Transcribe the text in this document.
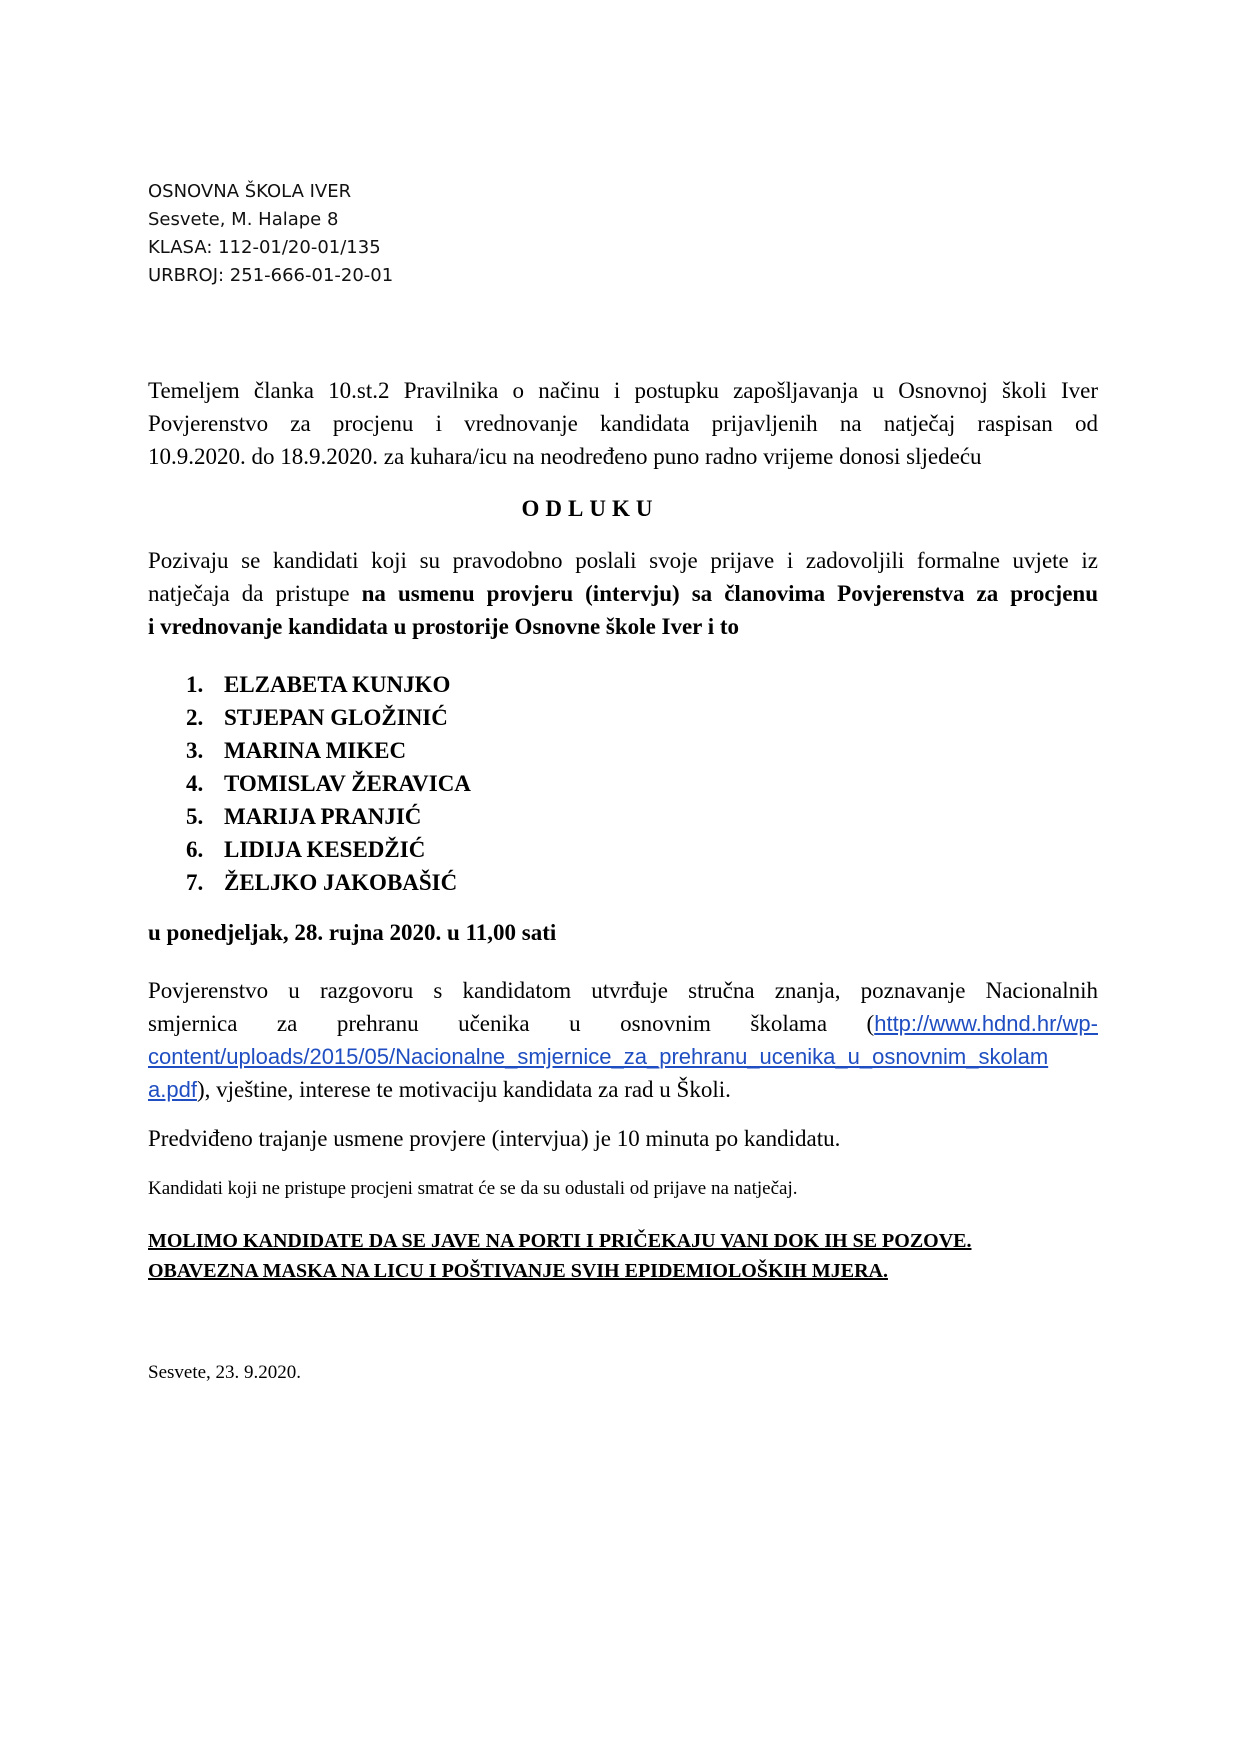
OSNOVNA ŠKOLA IVER
Sesvete, M. Halape 8
KLASA: 112-01/20-01/135
URBROJ: 251-666-01-20-01
Temeljem članka 10.st.2 Pravilnika o načinu i postupku zapošljavanja u Osnovnoj školi Iver
Povjerenstvo za procjenu i vrednovanje kandidata prijavljenih na natječaj raspisan od
10.9.2020. do 18.9.2020. za kuhara/icu na neodređeno puno radno vrijeme donosi sljedeću
ODLUKU
Pozivaju se kandidati koji su pravodobno poslali svoje prijave i zadovoljili formalne uvjete iz
natječaja da pristupe na usmenu provjeru (intervju) sa članovima Povjerenstva za procjenu
i vrednovanje kandidata u prostorije Osnovne škole Iver i to
1. ELZABETA KUNJKO
2. STJEPAN GLOŽINIĆ
3. MARINA MIKEC
4. TOMISLAV ŽERAVICA
5. MARIJA PRANJIĆ
6. LIDIJA KESEDŽIĆ
7. ŽELJKO JAKOBAŠIĆ
u ponedjeljak, 28. rujna 2020. u 11,00 sati
Povjerenstvo u razgovoru s kandidatom utvrđuje stručna znanja, poznavanje Nacionalnih
smjernica za prehranu učenika u osnovnim školama (http://www.hdnd.hr/wp-
content/uploads/2015/05/Nacionalne_smjernice_za_prehranu_ucenika_u_osnovnim_skolam
a.pdf), vještine, interese te motivaciju kandidata za rad u Školi.
Predviđeno trajanje usmene provjere (intervjua) je 10 minuta po kandidatu.
Kandidati koji ne pristupe procjeni smatrat će se da su odustali od prijave na natječaj.
MOLIMO KANDIDATE DA SE JAVE NA PORTI I PRIČEKAJU VANI DOK IH SE POZOVE.
OBAVEZNA MASKA NA LICU I POŠTIVANJE SVIH EPIDEMIOLOŠKIH MJERA.
Sesvete, 23. 9.2020.
